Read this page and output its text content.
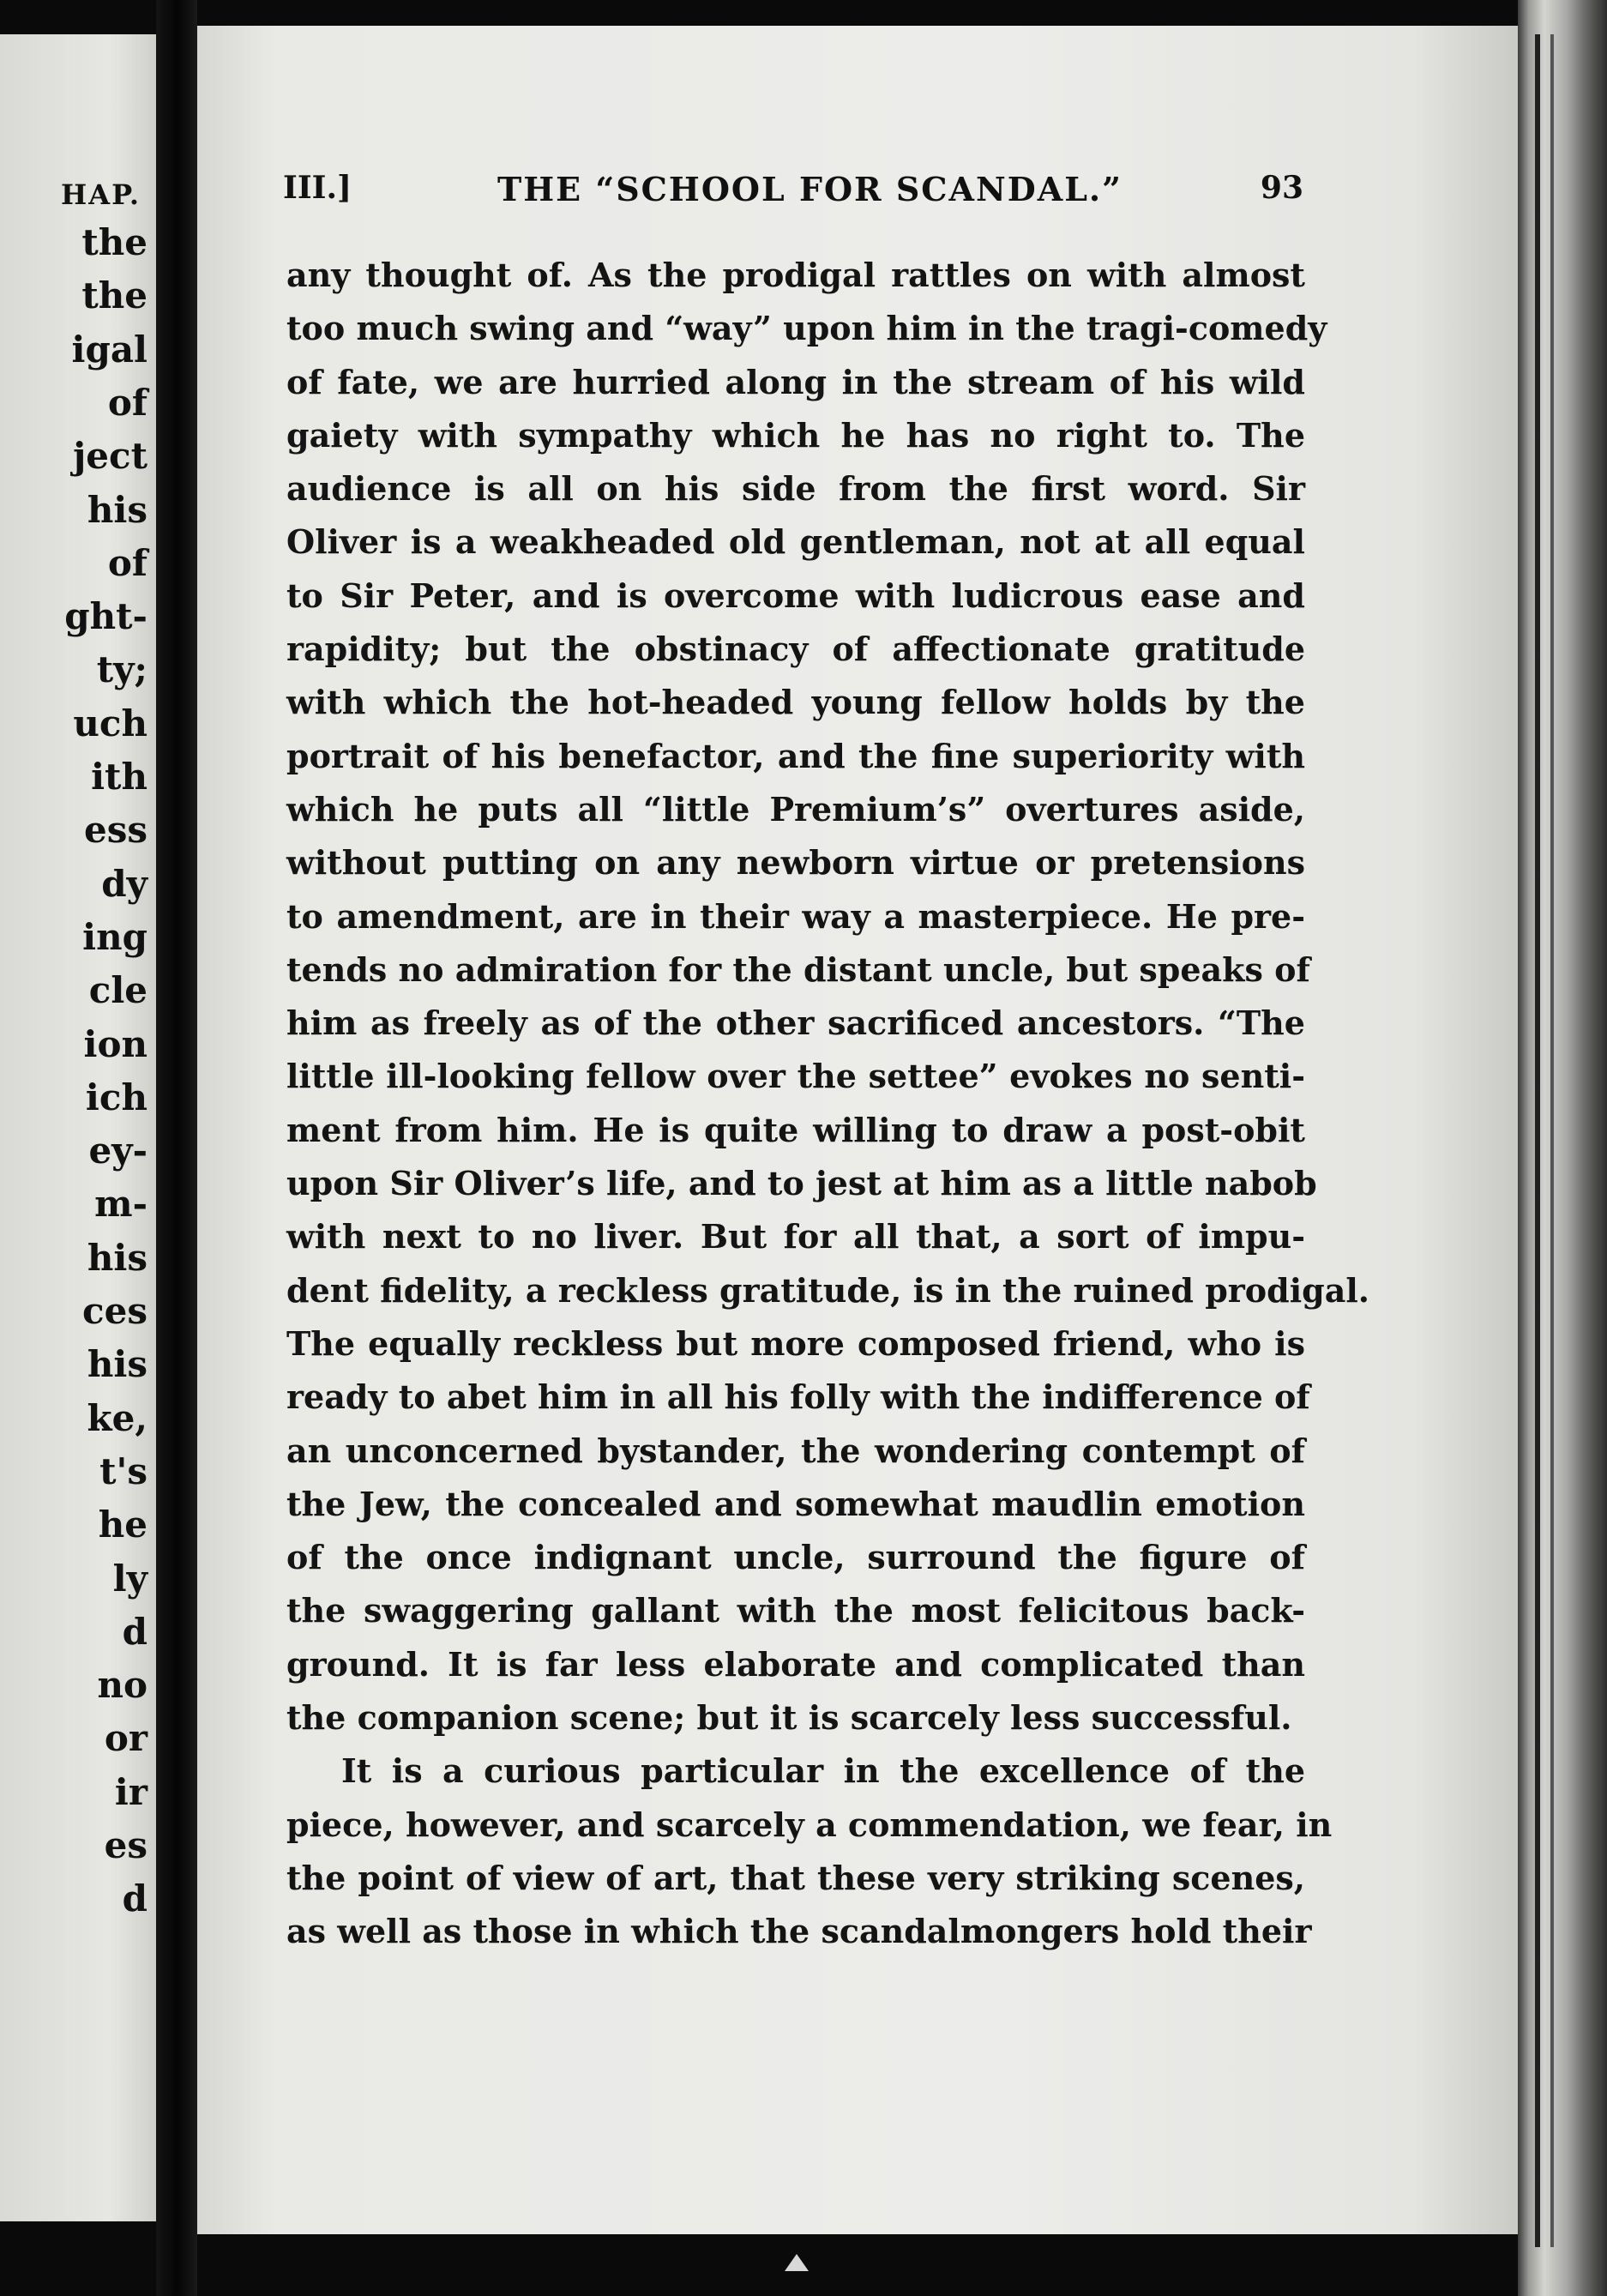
HAP.
the
the
igal
of
ject
his
of
ght-
ty;
uch
ith
ess
dy
ing
cle
ion
ich
ey-
m-
his
ces
his
ke,
t's
he
ly
d
no
or
ir
es
d
III.]	THE “SCHOOL FOR SCANDAL.”	93
any thought of. As the prodigal rattles on with almost
too much swing and “way” upon him in the tragi-comedy
of fate, we are hurried along in the stream of his wild
gaiety with sympathy which he has no right to. The
audience is all on his side from the first word. Sir
Oliver is a weakheaded old gentleman, not at all equal
to Sir Peter, and is overcome with ludicrous ease and
rapidity; but the obstinacy of affectionate gratitude
with which the hot-headed young fellow holds by the
portrait of his benefactor, and the fine superiority with
which he puts all “little Premium’s” overtures aside,
without putting on any newborn virtue or pretensions
to amendment, are in their way a masterpiece. He pre-
tends no admiration for the distant uncle, but speaks of
him as freely as of the other sacrificed ancestors. “The
little ill-looking fellow over the settee” evokes no senti-
ment from him. He is quite willing to draw a post-obit
upon Sir Oliver’s life, and to jest at him as a little nabob
with next to no liver. But for all that, a sort of impu-
dent fidelity, a reckless gratitude, is in the ruined prodigal.
The equally reckless but more composed friend, who is
ready to abet him in all his folly with the indifference of
an unconcerned bystander, the wondering contempt of
the Jew, the concealed and somewhat maudlin emotion
of the once indignant uncle, surround the figure of
the swaggering gallant with the most felicitous back-
ground. It is far less elaborate and complicated than
the companion scene; but it is scarcely less successful.
It is a curious particular in the excellence of the
piece, however, and scarcely a commendation, we fear, in
the point of view of art, that these very striking scenes,
as well as those in which the scandalmongers hold their
